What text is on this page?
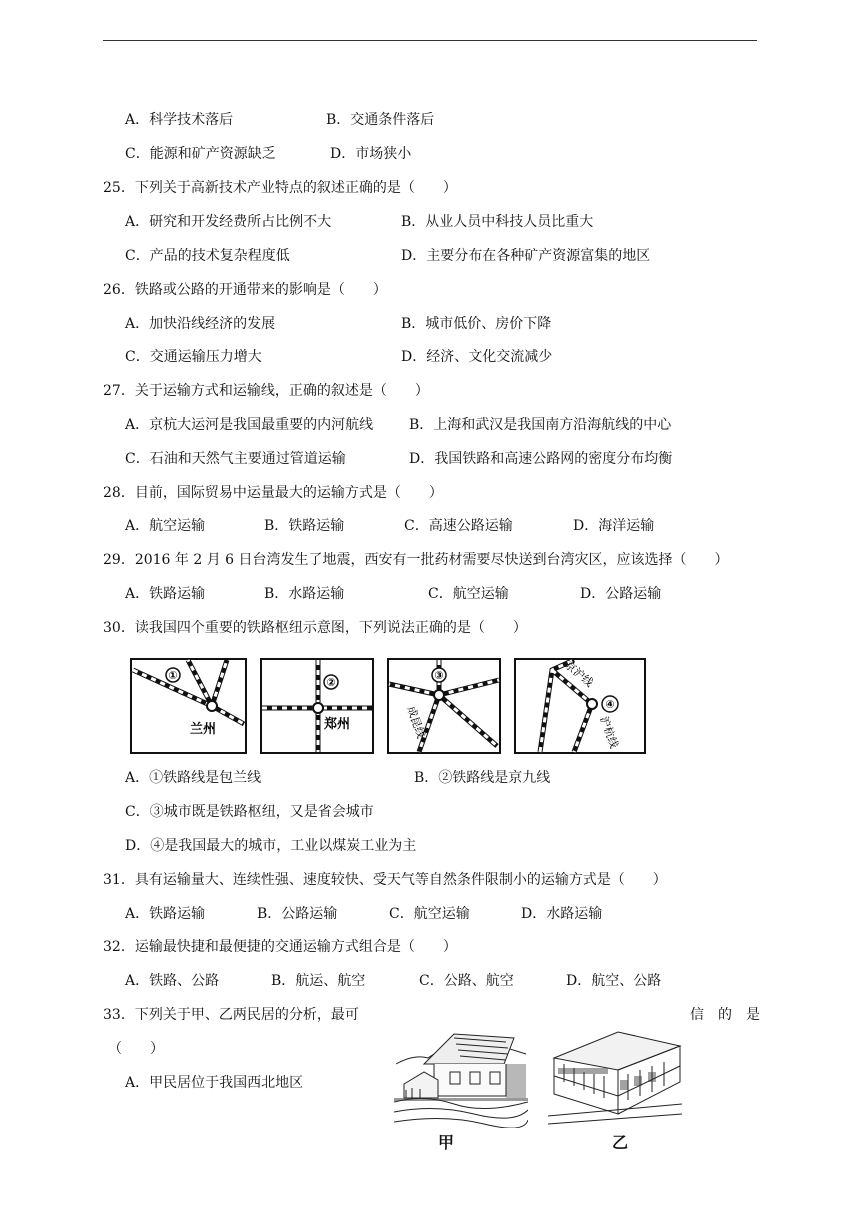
A．科学技术落后	B．交通条件落后
C．能源和矿产资源缺乏	D．市场狭小
25．下列关于高新技术产业特点的叙述正确的是（　　）
A．研究和开发经费所占比例不大	B．从业人员中科技人员比重大
C．产品的技术复杂程度低	D．主要分布在各种矿产资源富集的地区
26．铁路或公路的开通带来的影响是（　　）
A．加快沿线经济的发展	B．城市低价、房价下降
C．交通运输压力增大	D．经济、文化交流减少
27．关于运输方式和运输线，正确的叙述是（　　）
A．京杭大运河是我国最重要的内河航线	B．上海和武汉是我国南方沿海航线的中心
C．石油和天然气主要通过管道运输	D．我国铁路和高速公路网的密度分布均衡
28．目前，国际贸易中运量最大的运输方式是（　　）
A．航空运输	B．铁路运输	C．高速公路运输	D．海洋运输
29．2016 年 2 月 6 日台湾发生了地震，西安有一批药材需要尽快送到台湾灾区，应该选择（　　）
A．铁路运输	B．水路运输	C．航空运输	D．公路运输
30．读我国四个重要的铁路枢纽示意图，下列说法正确的是（　　）
①
兰州
②
郑州
③
成昆线
④
京沪线
沪杭线
A．①铁路线是包兰线	B．②铁路线是京九线
C．③城市既是铁路枢纽，又是省会城市
D．④是我国最大的城市，工业以煤炭工业为主
31．具有运输量大、连续性强、速度较快、受天气等自然条件限制小的运输方式是（　　）
A．铁路运输	B．公路运输	C．航空运输	D．水路运输
32．运输最快捷和最便捷的交通运输方式组合是（　　）
A．铁路、公路	B．航运、航空	C．公路、航空	D．航空、公路
33．下列关于甲、乙两民居的分析，最可	信　的　是
（　　）
A．甲民居位于我国西北地区
甲	乙
